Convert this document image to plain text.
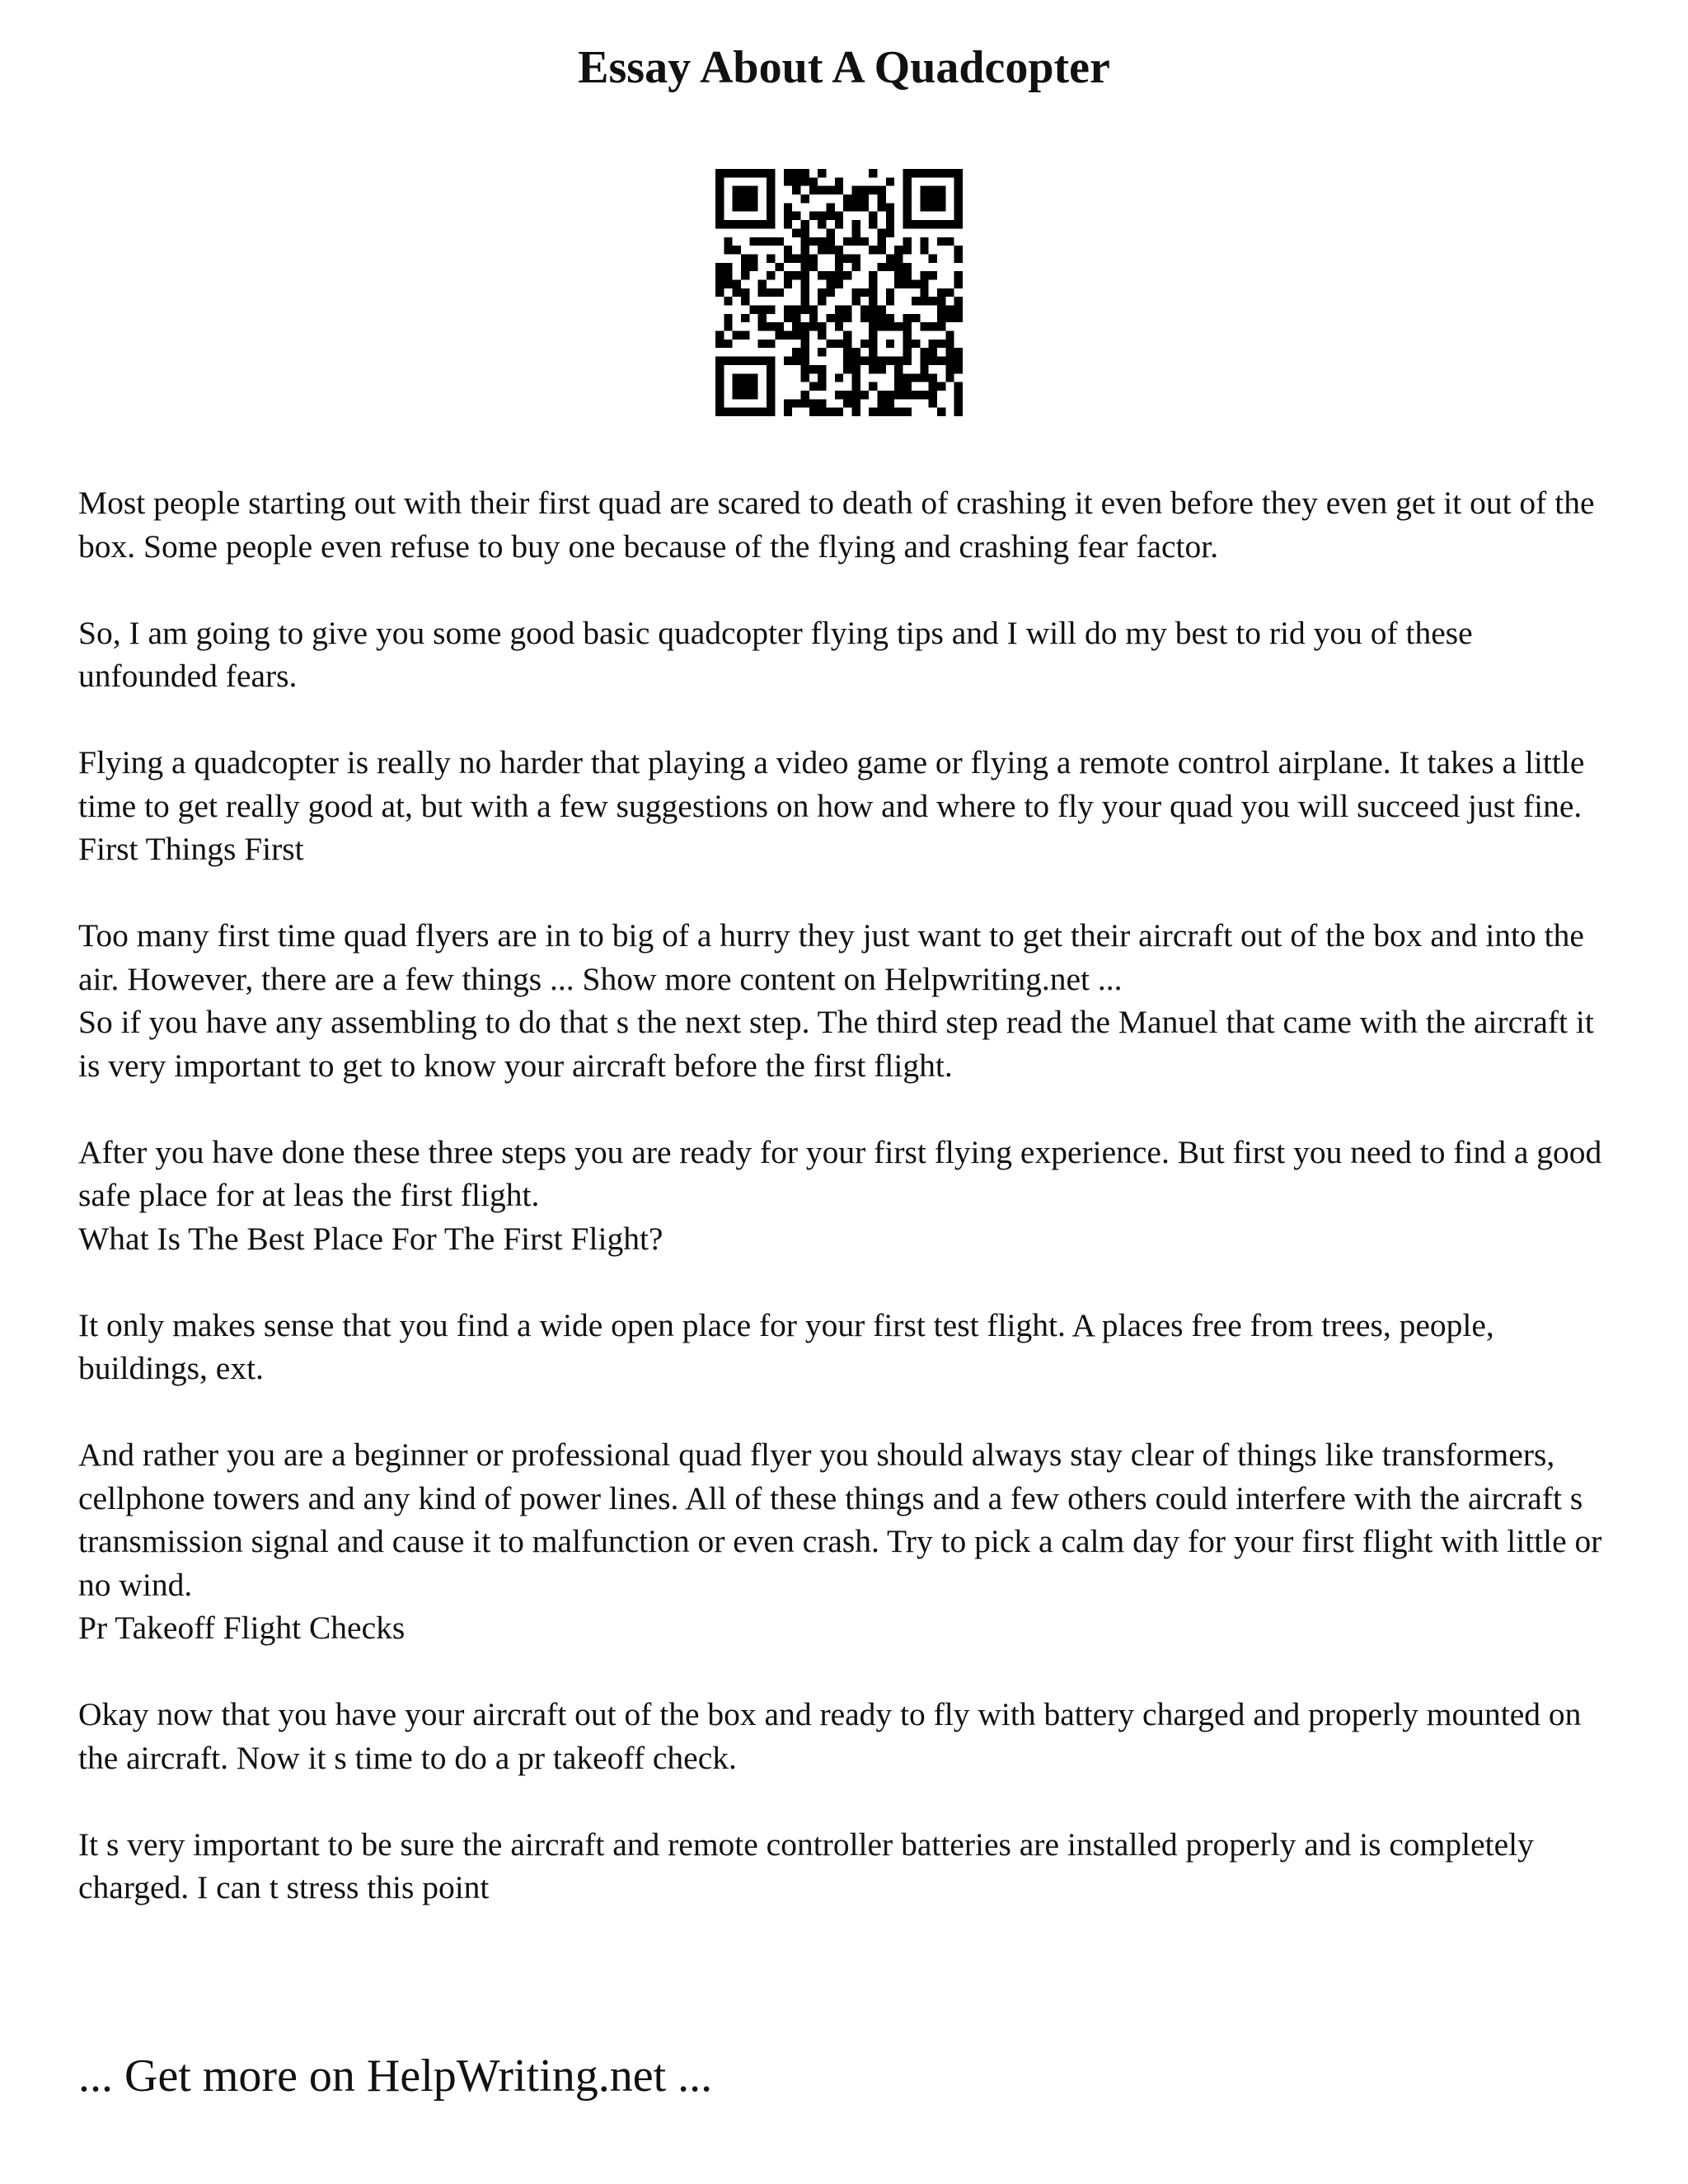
Essay About A Quadcopter

Most people starting out with their first quad are scared to death of crashing it even before they even get it out of the box. Some people even refuse to buy one because of the flying and crashing fear factor.

So, I am going to give you some good basic quadcopter flying tips and I will do my best to rid you of these unfounded fears.

Flying a quadcopter is really no harder that playing a video game or flying a remote control airplane. It takes a little time to get really good at, but with a few suggestions on how and where to fly your quad you will succeed just fine.

First Things First

Too many first time quad flyers are in to big of a hurry they just want to get their aircraft out of the box and into the air. However, there are a few things ... Show more content on Helpwriting.net ...

So if you have any assembling to do that s the next step. The third step read the Manuel that came with the aircraft it is very important to get to know your aircraft before the first flight.

After you have done these three steps you are ready for your first flying experience. But first you need to find a good safe place for at leas the first flight.

What Is The Best Place For The First Flight?

It only makes sense that you find a wide open place for your first test flight. A places free from trees, people, buildings, ext.

And rather you are a beginner or professional quad flyer you should always stay clear of things like transformers, cellphone towers and any kind of power lines. All of these things and a few others could interfere with the aircraft s transmission signal and cause it to malfunction or even crash. Try to pick a calm day for your first flight with little or no wind.

Pr Takeoff Flight Checks

Okay now that you have your aircraft out of the box and ready to fly with battery charged and properly mounted on the aircraft. Now it s time to do a pr takeoff check.

It s very important to be sure the aircraft and remote controller batteries are installed properly and is completely charged. I can t stress this point

... Get more on HelpWriting.net ...
